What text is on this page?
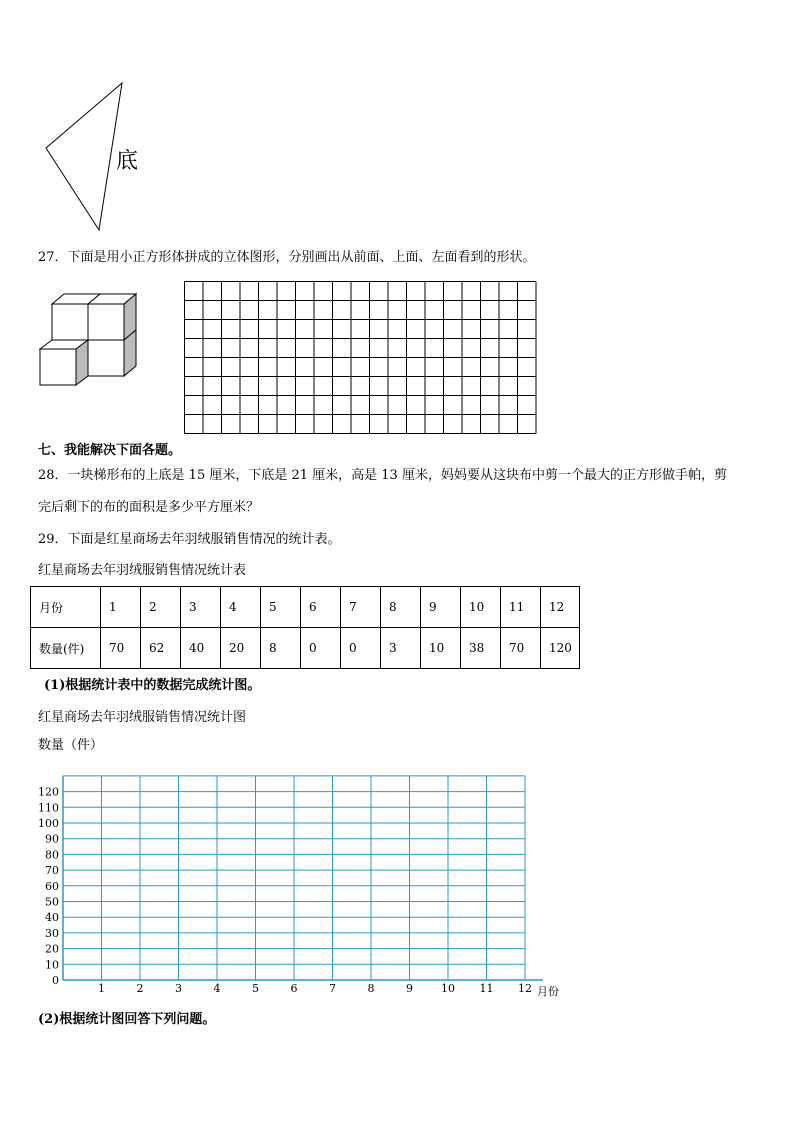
底
27．下面是用小正方形体拼成的立体图形，分别画出从前面、上面、左面看到的形状。
七、我能解决下面各题。
28．一块梯形布的上底是 15 厘米，下底是 21 厘米，高是 13 厘米，妈妈要从这块布中剪一个最大的正方形做手帕，剪
完后剩下的布的面积是多少平方厘米？
29．下面是红星商场去年羽绒服销售情况的统计表。
红星商场去年羽绒服销售情况统计表
月份	1	2	3	4	5	6	7	8	9	10	11	12
数量(件)	70	62	40	20	8	0	0	3	10	38	70	120
(1)根据统计表中的数据完成统计图。
红星商场去年羽绒服销售情况统计图
数量（件）
0
10
20
30
40
50
60
70
80
90
100
110
120
1	2	3	4	5	6	7	8	9	10 11 12 月份
(2)根据统计图回答下列问题。
